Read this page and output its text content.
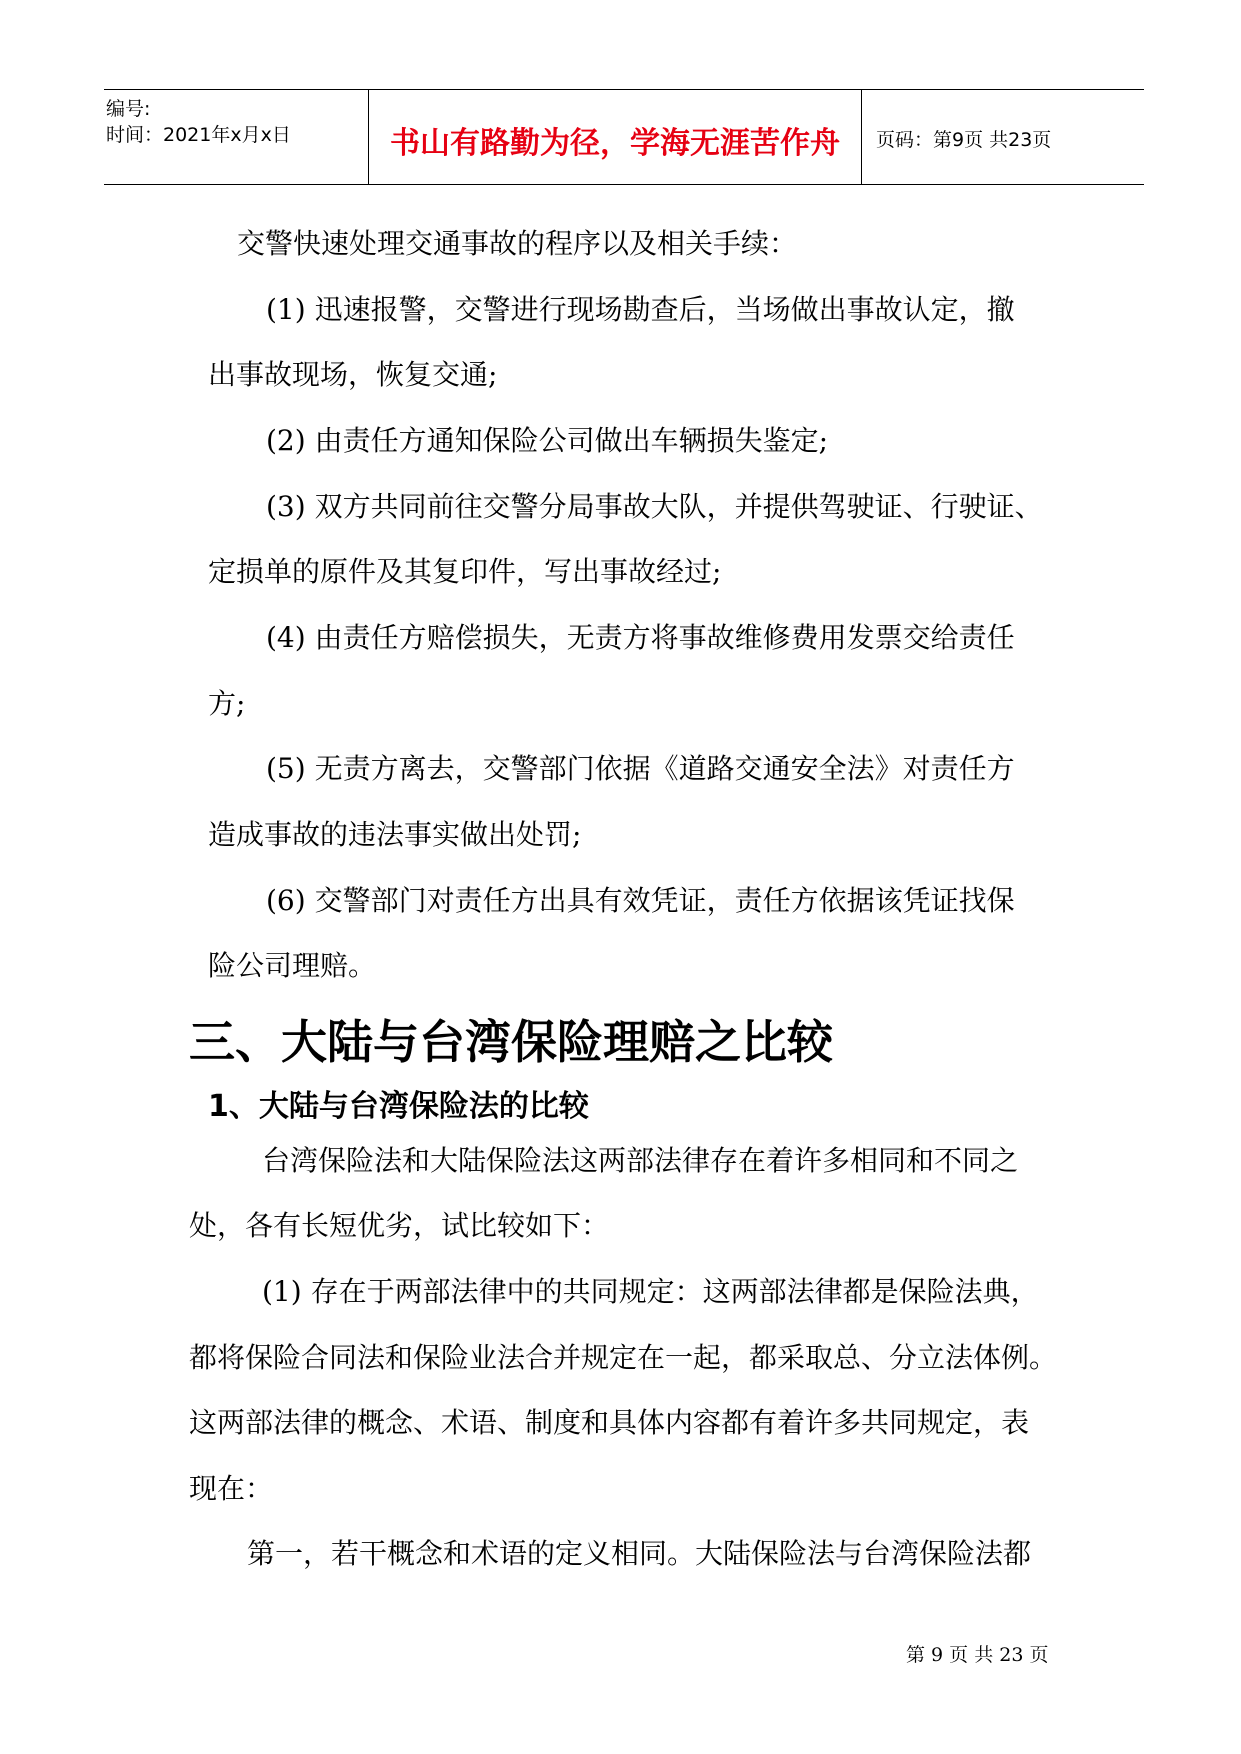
编号:
时间：2021年x月x日	书山有路勤为径，学海无涯苦作舟	页码：第9页 共23页
交警快速处理交通事故的程序以及相关手续：
(1) 迅速报警，交警进行现场勘查后，当场做出事故认定，撤
出事故现场，恢复交通;
(2) 由责任方通知保险公司做出车辆损失鉴定;
(3) 双方共同前往交警分局事故大队，并提供驾驶证、行驶证、
定损单的原件及其复印件，写出事故经过;
(4) 由责任方赔偿损失，无责方将事故维修费用发票交给责任
方;
(5) 无责方离去，交警部门依据《道路交通安全法》对责任方
造成事故的违法事实做出处罚;
(6) 交警部门对责任方出具有效凭证，责任方依据该凭证找保
险公司理赔。
三、大陆与台湾保险理赔之比较
1、大陆与台湾保险法的比较
台湾保险法和大陆保险法这两部法律存在着许多相同和不同之
处，各有长短优劣，试比较如下：
(1) 存在于两部法律中的共同规定：这两部法律都是保险法典，
都将保险合同法和保险业法合并规定在一起，都采取总、分立法体例。
这两部法律的概念、术语、制度和具体内容都有着许多共同规定，表
现在：
第一，若干概念和术语的定义相同。大陆保险法与台湾保险法都
第 9 页 共 23 页
